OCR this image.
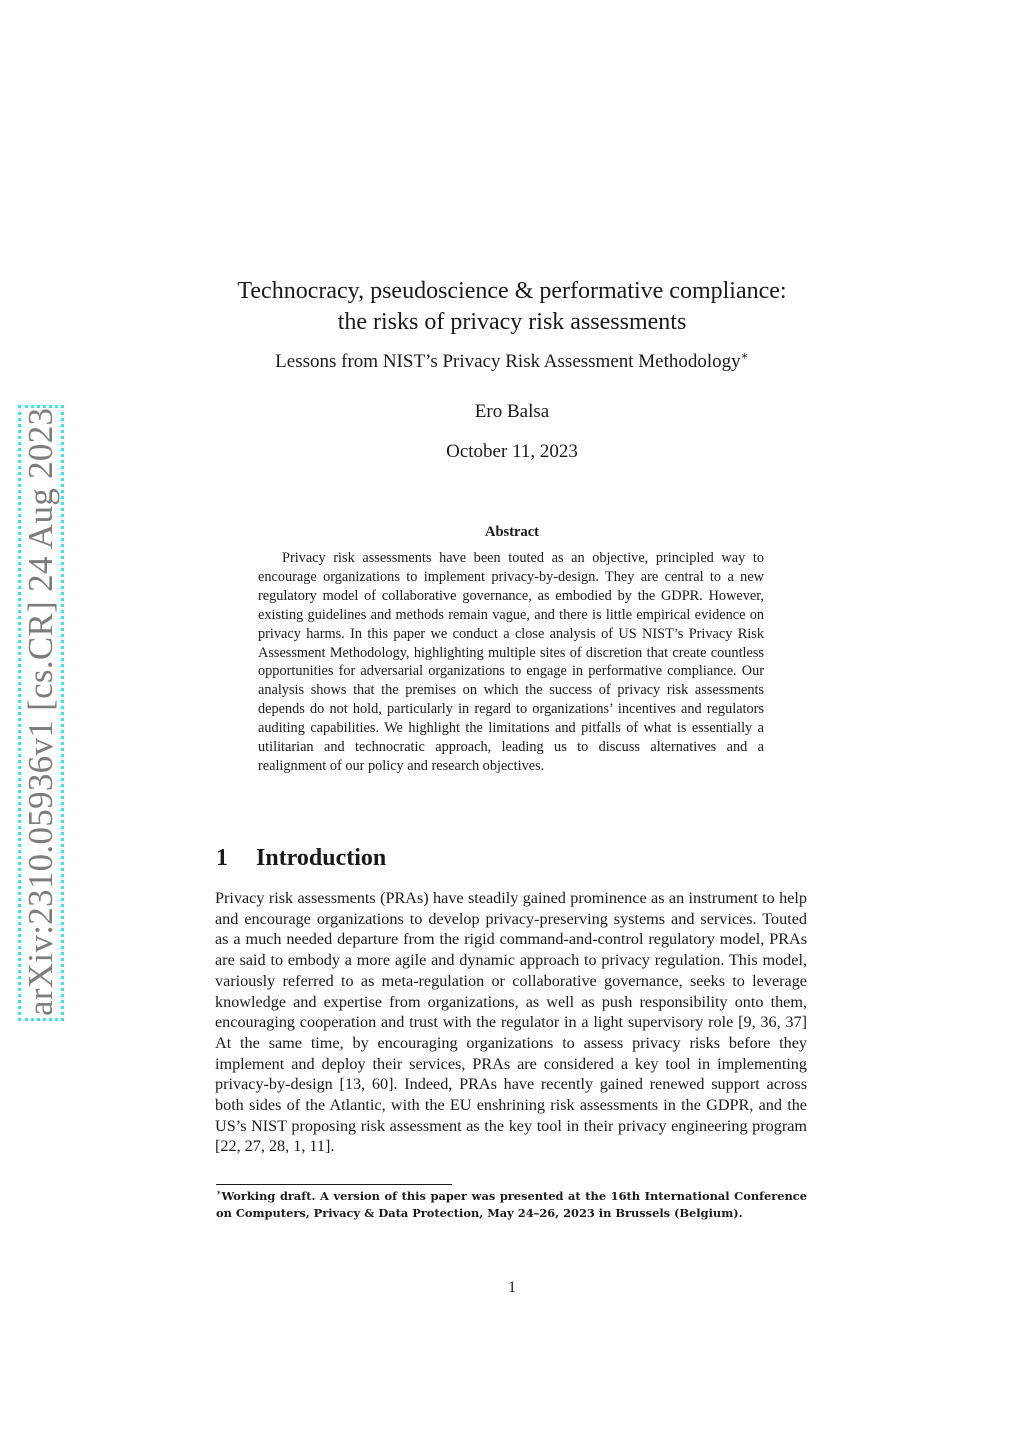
arXiv:2310.05936v1 [cs.CR] 24 Aug 2023
Technocracy, pseudoscience & performative compliance:
the risks of privacy risk assessments
Lessons from NIST’s Privacy Risk Assessment Methodology∗
Ero Balsa
October 11, 2023
Abstract

Privacy risk assessments have been touted as an objective, principled way to encourage organizations to implement privacy-by-design. They are central to a new regulatory model of collaborative governance, as embodied by the GDPR. However, existing guidelines and methods remain vague, and there is little empirical evidence on privacy harms. In this paper we conduct a close analysis of US NIST’s Privacy Risk Assessment Methodology, highlighting multiple sites of discretion that create countless opportunities for adversarial organizations to engage in performative compliance. Our analysis shows that the premises on which the success of privacy risk assessments depends do not hold, particularly in regard to organizations’ incentives and regulators auditing capabilities. We highlight the limitations and pitfalls of what is essentially a utilitarian and technocratic approach, leading us to discuss alternatives and a realignment of our policy and research objectives.

1 Introduction

Privacy risk assessments (PRAs) have steadily gained prominence as an instrument to help and encourage organizations to develop privacy-preserving systems and services. Touted as a much needed departure from the rigid command-and-control regulatory model, PRAs are said to embody a more agile and dynamic approach to privacy regulation. This model, variously referred to as meta-regulation or collaborative governance, seeks to leverage knowledge and expertise from organizations, as well as push responsibility onto them, encouraging cooperation and trust with the regulator in a light supervisory role [9, 36, 37] At the same time, by encouraging organizations to assess privacy risks before they implement and deploy their services, PRAs are considered a key tool in implementing privacy-by-design [13, 60]. Indeed, PRAs have recently gained renewed support across both sides of the Atlantic, with the EU enshrining risk assessments in the GDPR, and the US’s NIST proposing risk assessment as the key tool in their privacy engineering program [22, 27, 28, 1, 11].

∗Working draft. A version of this paper was presented at the 16th International Conference on Computers, Privacy & Data Protection, May 24–26, 2023 in Brussels (Belgium).

1
